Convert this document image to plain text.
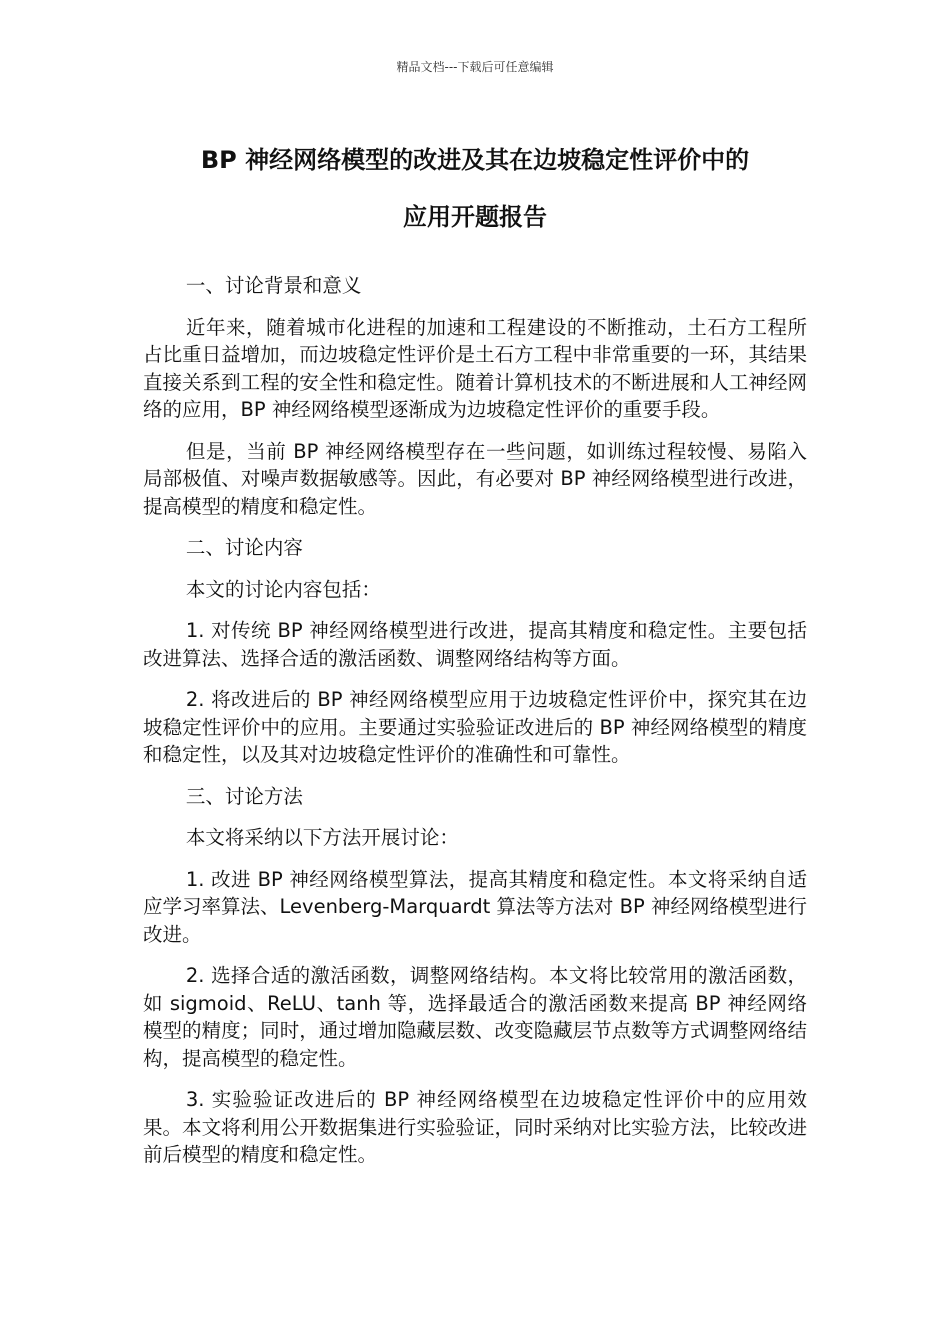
精品文档---下载后可任意编辑
BP 神经网络模型的改进及其在边坡稳定性评价中的
应用开题报告

一、讨论背景和意义

近年来，随着城市化进程的加速和工程建设的不断推动，土石方工程所占比重日益增加，而边坡稳定性评价是土石方工程中非常重要的一环，其结果直接关系到工程的安全性和稳定性。随着计算机技术的不断进展和人工神经网络的应用，BP 神经网络模型逐渐成为边坡稳定性评价的重要手段。

但是，当前 BP 神经网络模型存在一些问题，如训练过程较慢、易陷入局部极值、对噪声数据敏感等。因此，有必要对 BP 神经网络模型进行改进，提高模型的精度和稳定性。

二、讨论内容

本文的讨论内容包括：

1. 对传统 BP 神经网络模型进行改进，提高其精度和稳定性。主要包括改进算法、选择合适的激活函数、调整网络结构等方面。

2. 将改进后的 BP 神经网络模型应用于边坡稳定性评价中，探究其在边坡稳定性评价中的应用。主要通过实验验证改进后的 BP 神经网络模型的精度和稳定性，以及其对边坡稳定性评价的准确性和可靠性。

三、讨论方法

本文将采纳以下方法开展讨论：

1. 改进 BP 神经网络模型算法，提高其精度和稳定性。本文将采纳自适应学习率算法、Levenberg-Marquardt 算法等方法对 BP 神经网络模型进行改进。

2. 选择合适的激活函数，调整网络结构。本文将比较常用的激活函数，如 sigmoid、ReLU、tanh 等，选择最适合的激活函数来提高 BP 神经网络模型的精度；同时，通过增加隐藏层数、改变隐藏层节点数等方式调整网络结构，提高模型的稳定性。

3. 实验验证改进后的 BP 神经网络模型在边坡稳定性评价中的应用效果。本文将利用公开数据集进行实验验证，同时采纳对比实验方法，比较改进前后模型的精度和稳定性。
